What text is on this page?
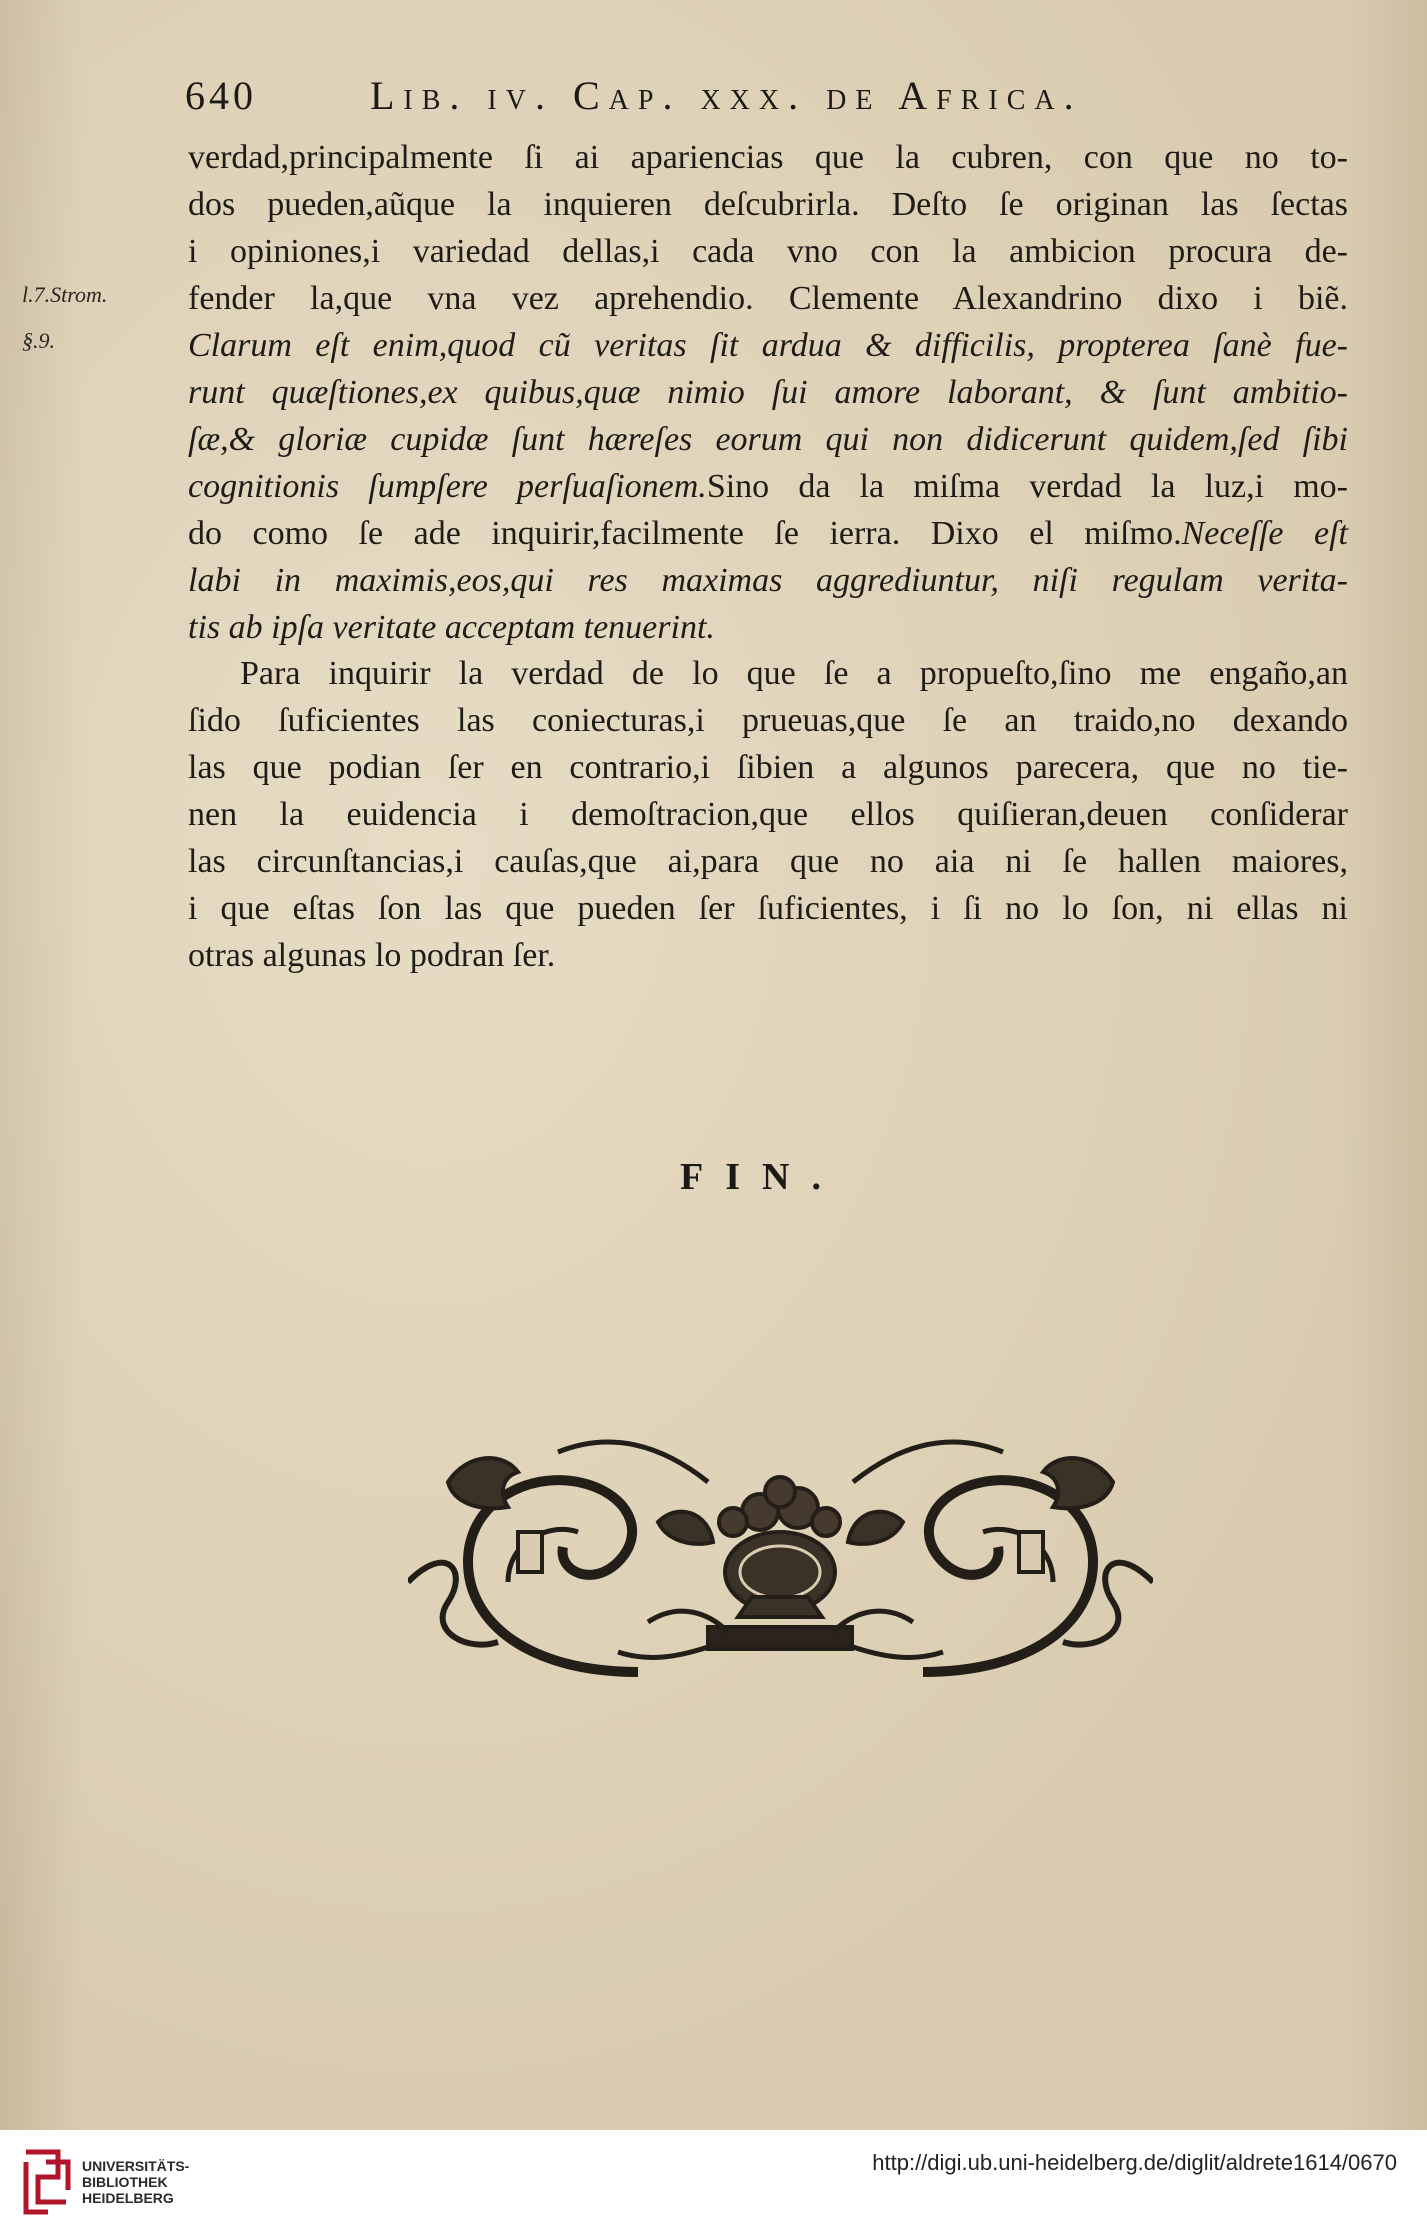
640	Lib. iv. Cap. xxx. de Africa.
l.7.Strom.
§.9.
verdad,principalmente ſi ai apariencias que la cubren, con que no to-
dos pueden,aũque la inquieren deſcubrirla. Deſto ſe originan las ſectas
i opiniones,i variedad dellas,i cada vno con la ambicion procura de-
fender la,que vna vez aprehendio. Clemente Alexandrino dixo i biẽ.
Clarum eſt enim,quod cũ veritas ſit ardua & difficilis, propterea ſanè fue-
runt quæſtiones,ex quibus,quæ nimio ſui amore laborant, & ſunt ambitio-
ſæ,& gloriæ cupidæ ſunt hæreſes eorum qui non didicerunt quidem,ſed ſibi
cognitionis ſumpſere perſuaſionem.Sino da la miſma verdad la luz,i mo-
do como ſe ade inquirir,facilmente ſe ierra. Dixo el miſmo.Neceſſe eſt
labi in maximis,eos,qui res maximas aggrediuntur, niſi regulam verita-
tis ab ipſa veritate acceptam tenuerint.
Para inquirir la verdad de lo que ſe a propueſto,ſino me engaño,an
ſido ſuficientes las coniecturas,i prueuas,que ſe an traido,no dexando
las que podian ſer en contrario,i ſibien a algunos parecera, que no tie-
nen la euidencia i demoſtracion,que ellos quiſieran,deuen conſiderar
las circunſtancias,i cauſas,que ai,para que no aia ni ſe hallen maiores,
i que eſtas ſon las que pueden ſer ſuficientes, i ſi no lo ſon, ni ellas ni
otras algunas lo podran ſer.
FIN.
UNIVERSITÄTS-
BIBLIOTHEK
HEIDELBERG
http://digi.ub.uni-heidelberg.de/diglit/aldrete1614/0670
